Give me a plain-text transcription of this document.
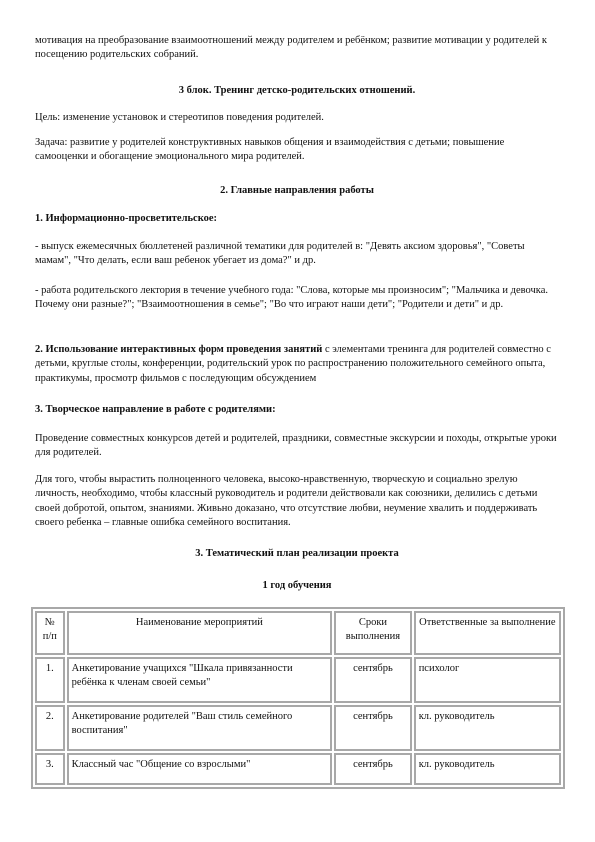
мотивация на преобразование взаимоотношений между родителем и ребёнком; развитие мотивации у родителей к посещению родительских собраний.

3 блок. Тренинг детско-родительских отношений.

Цель: изменение установок и стереотипов поведения родителей.

Задача: развитие у родителей конструктивных навыков общения и взаимодействия с детьми; повышение самооценки и обогащение эмоционального мира родителей.

2. Главные направления работы

1. Информационно-просветительское:

- выпуск ежемесячных бюллетеней различной тематики для родителей в: "Девять аксиом здоровья", "Советы мамам", "Что делать, если ваш ребенок убегает из дома?" и др.

- работа родительского лектория в течение учебного года: "Слова, которые мы произносим"; "Мальчика и девочка. Почему они разные?"; "Взаимоотношения в семье"; "Во что играют наши дети"; "Родители и дети" и др.

2. Использование интерактивных форм проведения занятий с элементами тренинга для родителей совместно с детьми, круглые столы, конференции, родительский урок по распространению положительного семейного опыта, практикумы, просмотр фильмов с последующим обсуждением

3. Творческое направление в работе с родителями:

Проведение совместных конкурсов детей и родителей, праздники, совместные экскурсии и походы, открытые уроки для родителей.

Для того, чтобы вырастить полноценного человека, высоко-нравственную, творческую и социально зрелую личность, необходимо, чтобы классный руководитель и родители действовали как союзники, делились с детьми своей добротой, опытом, знаниями. Живьно доказано, что отсутствие любви, неумение хвалить и поддерживать своего ребенка – главные ошибка семейного воспитания.

3. Тематический план реализации проекта

1 год обучения

№ п/п	Наименование мероприятий	Сроки выполнения	Ответственные за выполнение
1.	Анкетирование учащихся "Шкала привязанности ребёнка к членам своей семьи"	сентябрь	психолог
2.	Анкетирование родителей "Ваш стиль семейного воспитания"	сентябрь	кл. руководитель
3.	Классный час "Общение со взрослыми"	сентябрь	кл. руководитель
